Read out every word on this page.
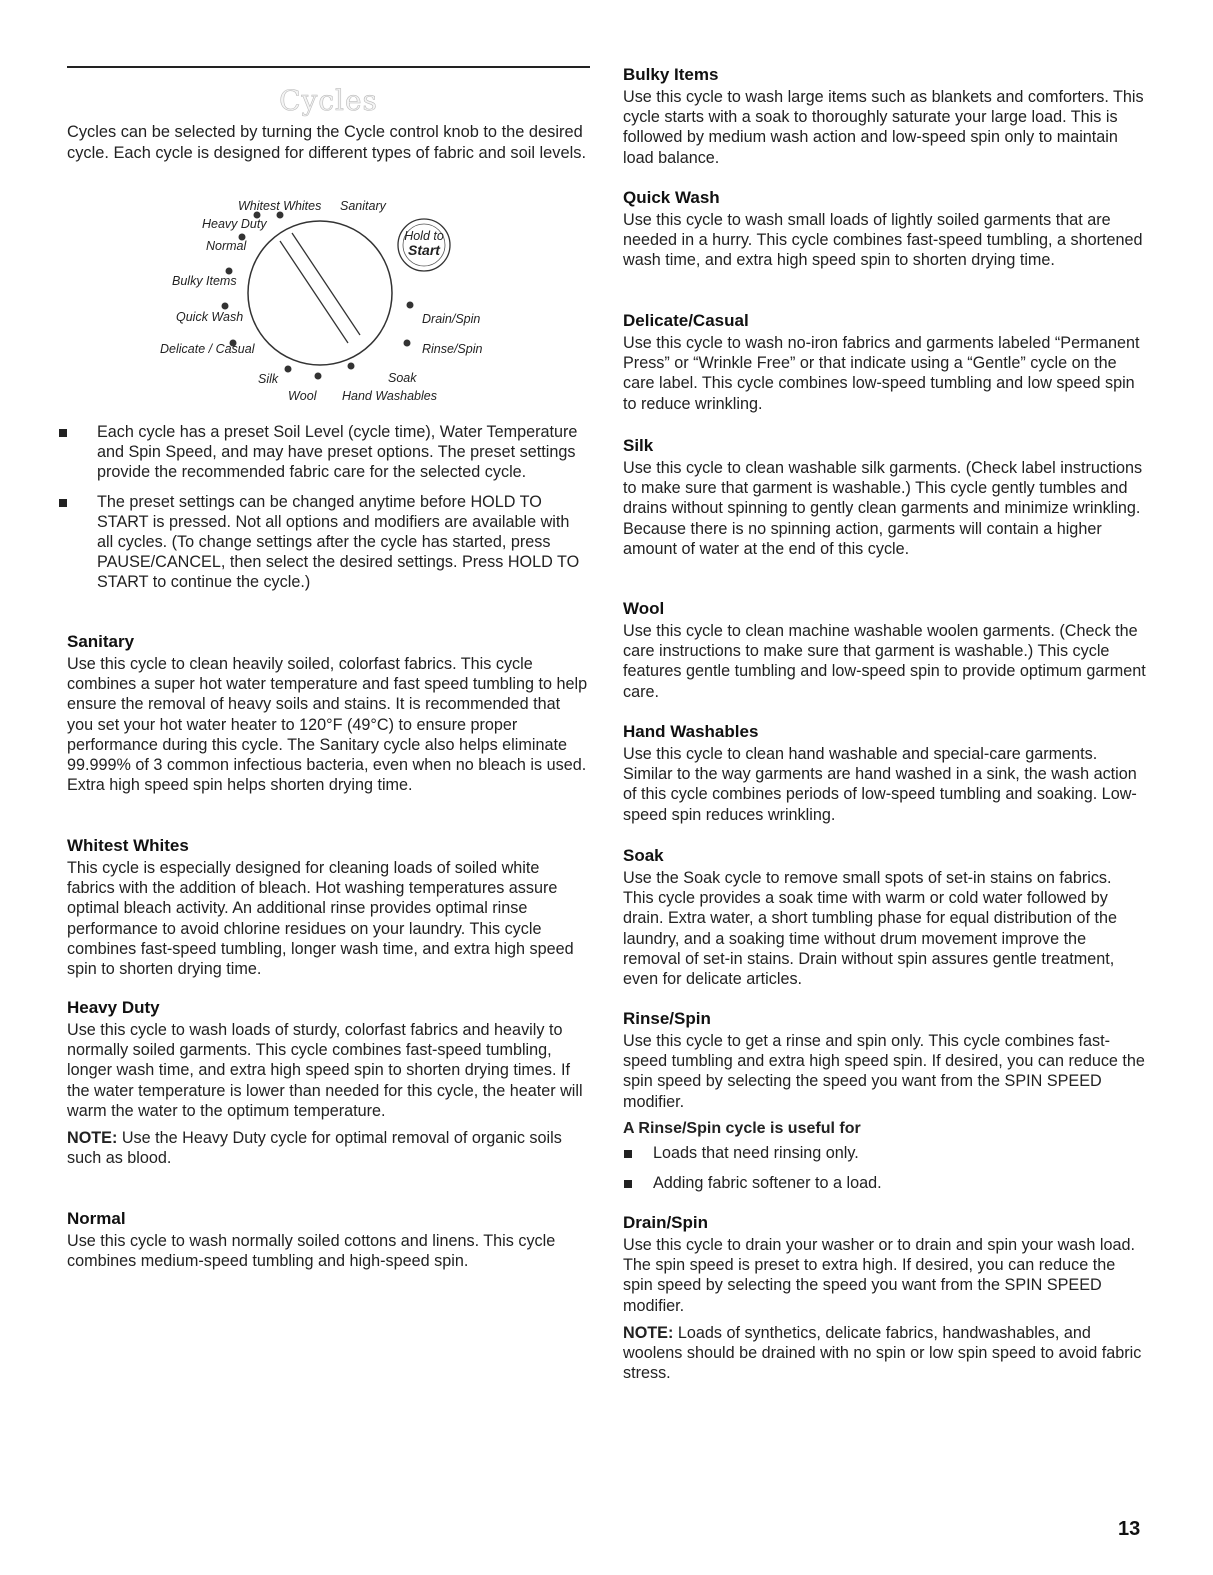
Cycles
Cycles can be selected by turning the Cycle control knob to the desired cycle. Each cycle is designed for different types of fabric and soil levels.
Hold to
Start
Whitest Whites Sanitary
Heavy Duty
Normal
Bulky Items
Quick Wash
Delicate / Casual
Silk
Wool Hand Washables
Soak
Rinse/Spin
Drain/Spin
Each cycle has a preset Soil Level (cycle time), Water Temperature and Spin Speed, and may have preset options. The preset settings provide the recommended fabric care for the selected cycle.
The preset settings can be changed anytime before HOLD TO START is pressed. Not all options and modifiers are available with all cycles. (To change settings after the cycle has started, press PAUSE/CANCEL, then select the desired settings. Press HOLD TO START to continue the cycle.)
Sanitary

Use this cycle to clean heavily soiled, colorfast fabrics. This cycle combines a super hot water temperature and fast speed tumbling to help ensure the removal of heavy soils and stains. It is recommended that you set your hot water heater to 120°F (49°C) to ensure proper performance during this cycle. The Sanitary cycle also helps eliminate 99.999% of 3 common infectious bacteria, even when no bleach is used. Extra high speed spin helps shorten drying time.

Whitest Whites

This cycle is especially designed for cleaning loads of soiled white fabrics with the addition of bleach. Hot washing temperatures assure optimal bleach activity. An additional rinse provides optimal rinse performance to avoid chlorine residues on your laundry. This cycle combines fast-speed tumbling, longer wash time, and extra high speed spin to shorten drying time.

Heavy Duty

Use this cycle to wash loads of sturdy, colorfast fabrics and heavily to normally soiled garments. This cycle combines fast-speed tumbling, longer wash time, and extra high speed spin to shorten drying times. If the water temperature is lower than needed for this cycle, the heater will warm the water to the optimum temperature.

NOTE: Use the Heavy Duty cycle for optimal removal of organic soils such as blood.

Normal

Use this cycle to wash normally soiled cottons and linens. This cycle combines medium-speed tumbling and high-speed spin.

Bulky Items

Use this cycle to wash large items such as blankets and comforters. This cycle starts with a soak to thoroughly saturate your large load. This is followed by medium wash action and low-speed spin only to maintain load balance.

Quick Wash

Use this cycle to wash small loads of lightly soiled garments that are needed in a hurry. This cycle combines fast-speed tumbling, a shortened wash time, and extra high speed spin to shorten drying time.

Delicate/Casual

Use this cycle to wash no-iron fabrics and garments labeled “Permanent Press” or “Wrinkle Free” or that indicate using a “Gentle” cycle on the care label. This cycle combines low-speed tumbling and low speed spin to reduce wrinkling.

Silk

Use this cycle to clean washable silk garments. (Check label instructions to make sure that garment is washable.) This cycle gently tumbles and drains without spinning to gently clean garments and minimize wrinkling. Because there is no spinning action, garments will contain a higher amount of water at the end of this cycle.

Wool

Use this cycle to clean machine washable woolen garments. (Check the care instructions to make sure that garment is washable.) This cycle features gentle tumbling and low-speed spin to provide optimum garment care.

Hand Washables

Use this cycle to clean hand washable and special-care garments. Similar to the way garments are hand washed in a sink, the wash action of this cycle combines periods of low-speed tumbling and soaking. Low-speed spin reduces wrinkling.

Soak

Use the Soak cycle to remove small spots of set-in stains on fabrics. This cycle provides a soak time with warm or cold water followed by drain. Extra water, a short tumbling phase for equal distribution of the laundry, and a soaking time without drum movement improve the removal of set-in stains. Drain without spin assures gentle treatment, even for delicate articles.

Rinse/Spin

Use this cycle to get a rinse and spin only. This cycle combines fast-speed tumbling and extra high speed spin. If desired, you can reduce the spin speed by selecting the speed you want from the SPIN SPEED modifier.

A Rinse/Spin cycle is useful for
Loads that need rinsing only.
Adding fabric softener to a load.
Drain/Spin

Use this cycle to drain your washer or to drain and spin your wash load. The spin speed is preset to extra high. If desired, you can reduce the spin speed by selecting the speed you want from the SPIN SPEED modifier.

NOTE: Loads of synthetics, delicate fabrics, handwashables, and woolens should be drained with no spin or low spin speed to avoid fabric stress.

13
